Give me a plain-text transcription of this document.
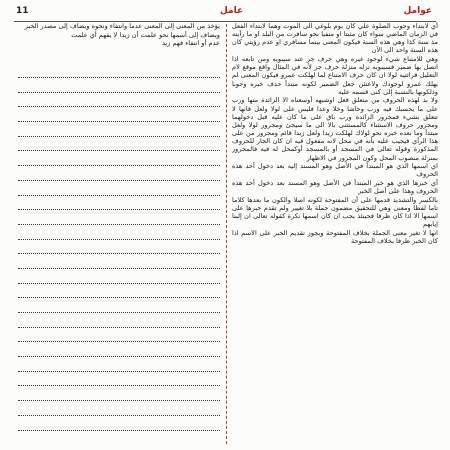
11	عامل	عوامل

أي لابتداء وجوب الصلوة علي كان يوم بلوغي الى الموت وهما لابتداء الفعل في الزمان الماضي سواء كان مثبتا او منفيا نحو سافرت من البلد او ما رأيته مذ سنة كذا وهي هذه السنة فيكون المعنى بينما مسافري او عدم رؤيتي كان هذه السنة واحد الى الآن

وهي للامتناع شيء لوجود غيره وهي حرف جر عند سيبويه ومن تابعه اذا اتصل بها ضمير فسيبويه نزله منزلة حرف جر لأنه في المثال واقع موقع لام التعليل قرائتيه لولا ان كان حرف الامتناع لما لهلكت عمرو فيكون المعنى لم يهلك عمرو لوجودك ولاعتثن جعل الضمير لكونه مبتدأ حذف خبره وجوبا وذلكونها بالنسبة إلى كنى قسمه عليه

ولا بد لهذه الحروف من متعلق فعل اوشبهه أوسعناه الا الزائدة منها ورب على ما يحسبك فيه ورب وحاشا وخلا وعدا فليس على لولا ولعل فانها لا تتعلق بشيء فمجرور الزائدة ورب باق على ما كان عليه قبل دخولهما ومجرور حروف الاستثناء كالمستثنى بالا الى ما سيجئ ومجرور لولا ولعل مبتدأ وما بعده خبره نحو لولاك لهلكت زيدا ولعل زيدا قائم ومجرور من على هذا الرأي فيجيب عليه بأنه في محل لانه مفعول فيه ان كان الجار للحروف المذكورة وقوله تعالى في المسجد أو بالمسجد أوكمحل له فيه فالمجرور بمنزلة منصوب المحل وكون المجرور في الاظهار

اي اسمها الذي هو المبتدأ في الأصل وهو المسند إليه بعد دخول أحد هذه الحروف

أي خبرها الذي هو خبر المبتدأ في الأصل وهو المسند بعد دخول أحد هذه الحروف وهذا على أصل الخبر

بالكسر والتشديد قدمها على أن المفتوحة لكونه اصلا والكون ما بعدها كلاما تاما لفظا ومعنى وهي للتحقيق مضمون جملة بلا تغيير ولم تقدم خبرها على اسمها الا اذا كان ظرفا فحينئذ يجب ان كان اسمها نكرة كقوله تعالى ان إلينا إيابهم

انها لا تغير معنى الجملة بخلاف المفتوحة ويجوز تقديم الخبر على الاسم اذا كان الخبر ظرفا بخلاف المفتوحة

يؤخذ من المعنى إلى المعنى عدما وانتفاء ونحوه ويضاف إلى مصدر الخبر

ويضاف إلى أسمها نحو علمت أن زيدا لا يفهم أي علمت

عدم أو انتفاء فهم زيد
